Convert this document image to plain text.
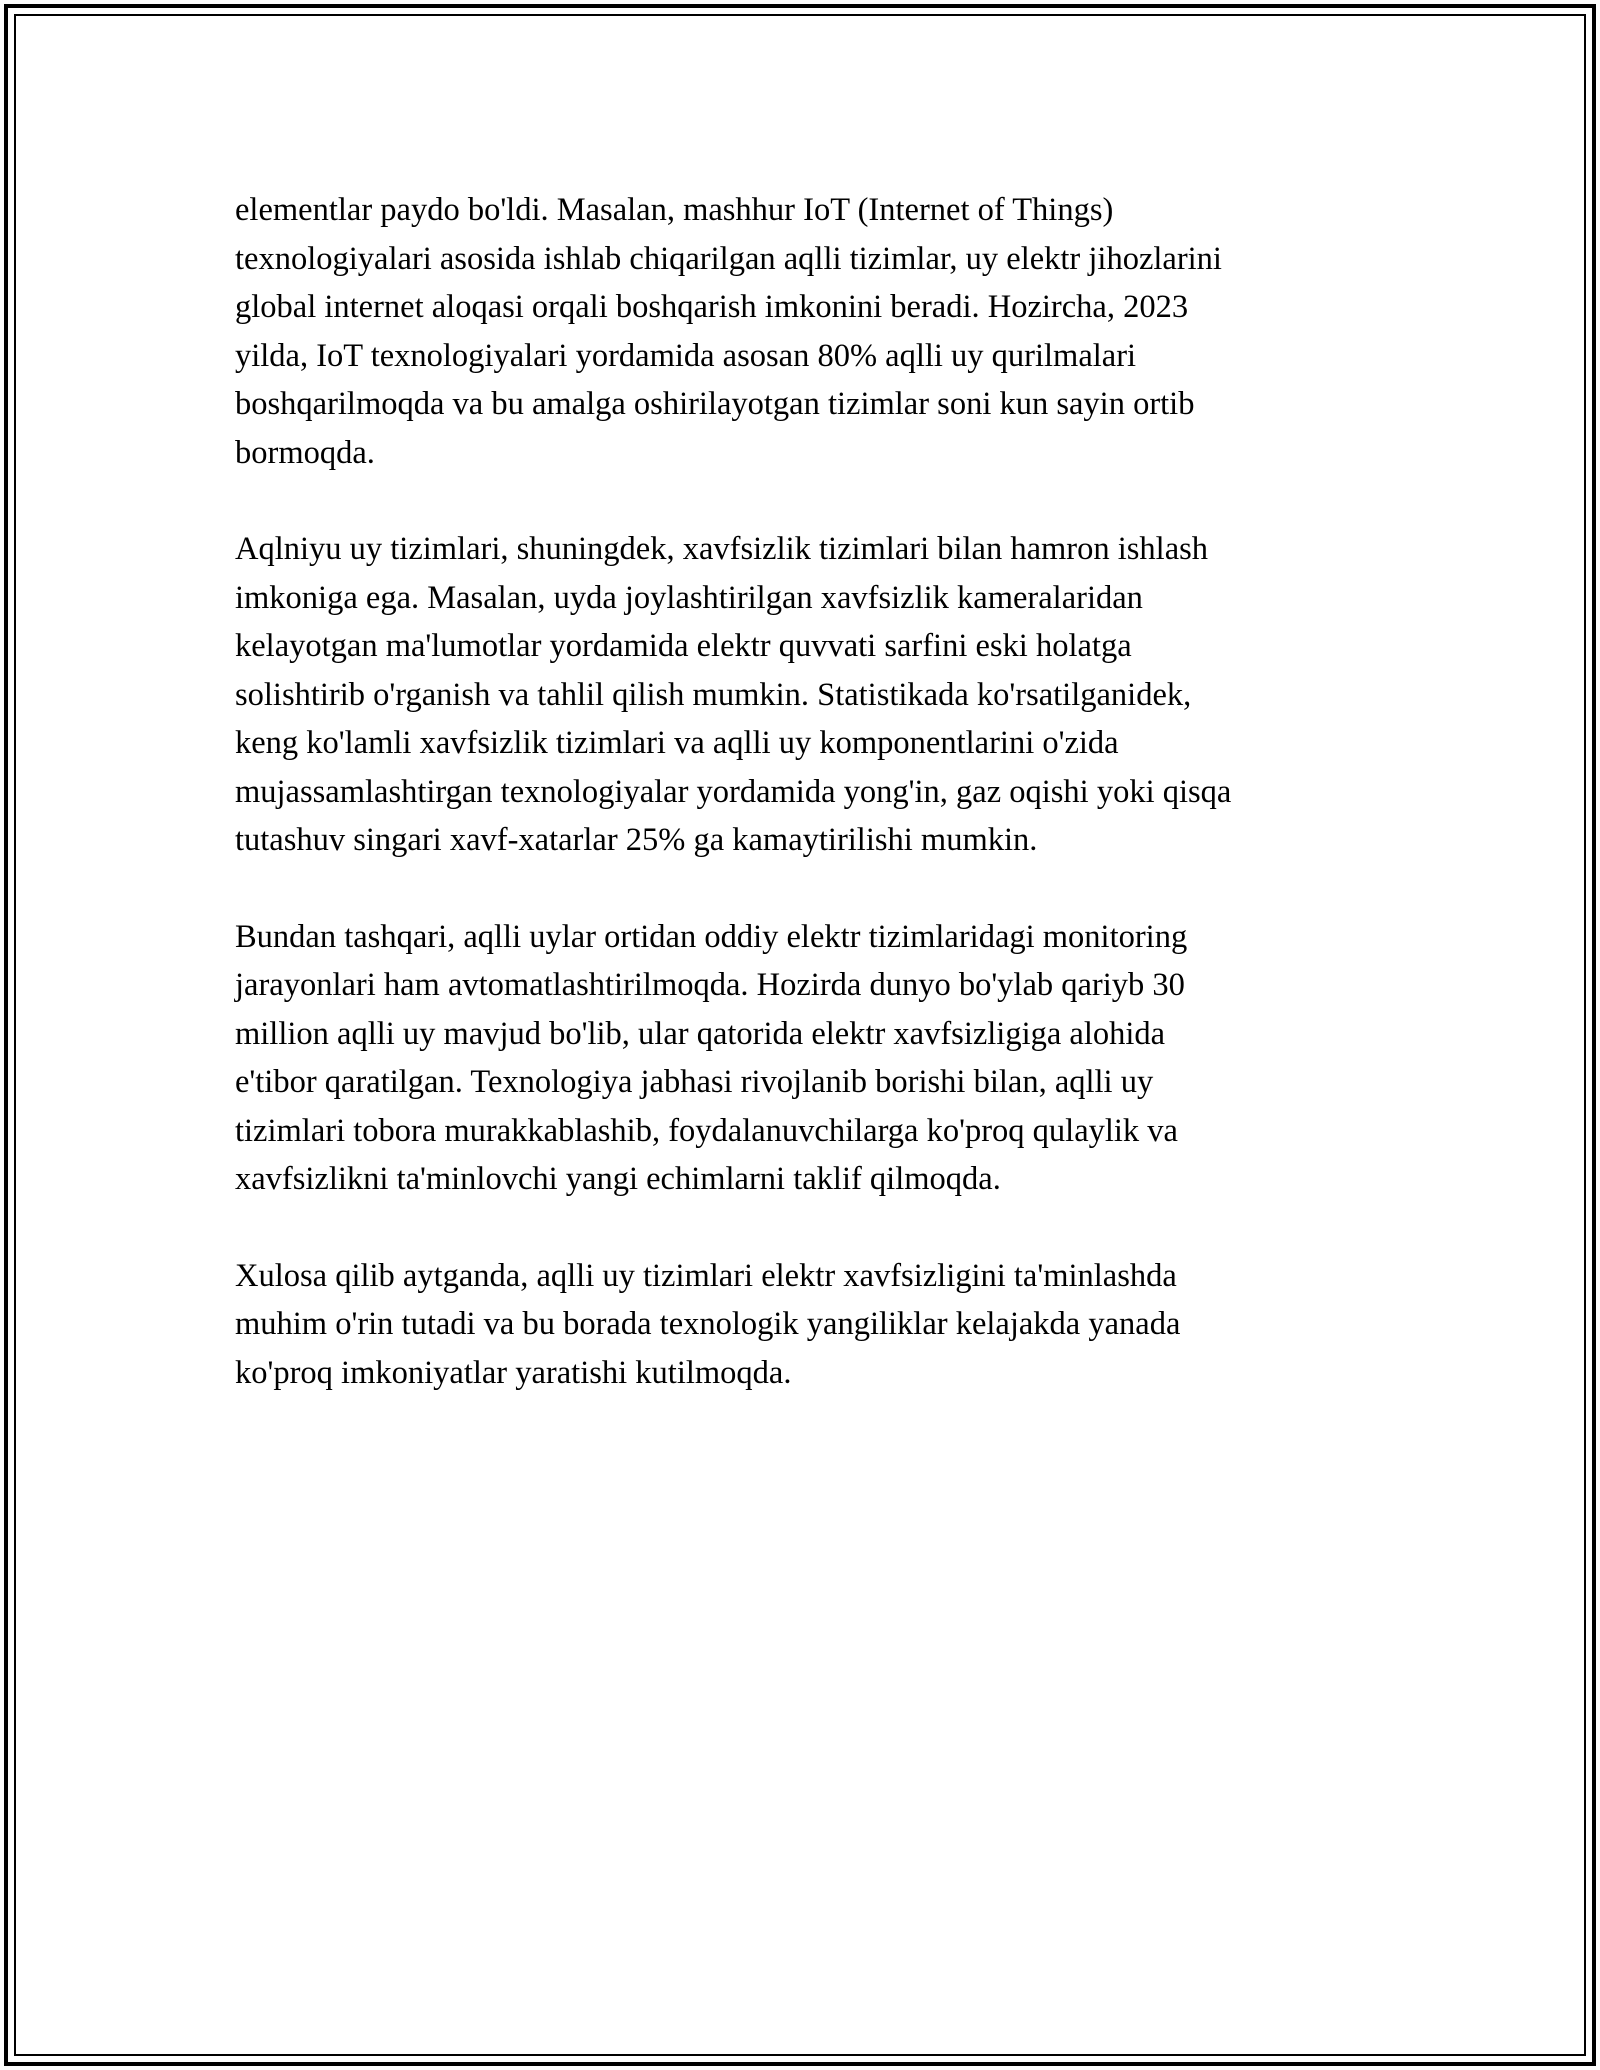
elementlar paydo bo'ldi. Masalan, mashhur IoT (Internet of Things)
texnologiyalari asosida ishlab chiqarilgan aqlli tizimlar, uy elektr jihozlarini
global internet aloqasi orqali boshqarish imkonini beradi. Hozircha, 2023
yilda, IoT texnologiyalari yordamida asosan 80% aqlli uy qurilmalari
boshqarilmoqda va bu amalga oshirilayotgan tizimlar soni kun sayin ortib
bormoqda.

Aqlniyu uy tizimlari, shuningdek, xavfsizlik tizimlari bilan hamron ishlash
imkoniga ega. Masalan, uyda joylashtirilgan xavfsizlik kameralaridan
kelayotgan ma'lumotlar yordamida elektr quvvati sarfini eski holatga
solishtirib o'rganish va tahlil qilish mumkin. Statistikada ko'rsatilganidek,
keng ko'lamli xavfsizlik tizimlari va aqlli uy komponentlarini o'zida
mujassamlashtirgan texnologiyalar yordamida yong'in, gaz oqishi yoki qisqa
tutashuv singari xavf-xatarlar 25% ga kamaytirilishi mumkin.

Bundan tashqari, aqlli uylar ortidan oddiy elektr tizimlaridagi monitoring
jarayonlari ham avtomatlashtirilmoqda. Hozirda dunyo bo'ylab qariyb 30
million aqlli uy mavjud bo'lib, ular qatorida elektr xavfsizligiga alohida
e'tibor qaratilgan. Texnologiya jabhasi rivojlanib borishi bilan, aqlli uy
tizimlari tobora murakkablashib, foydalanuvchilarga ko'proq qulaylik va
xavfsizlikni ta'minlovchi yangi echimlarni taklif qilmoqda.

Xulosa qilib aytganda, aqlli uy tizimlari elektr xavfsizligini ta'minlashda
muhim o'rin tutadi va bu borada texnologik yangiliklar kelajakda yanada
ko'proq imkoniyatlar yaratishi kutilmoqda.
